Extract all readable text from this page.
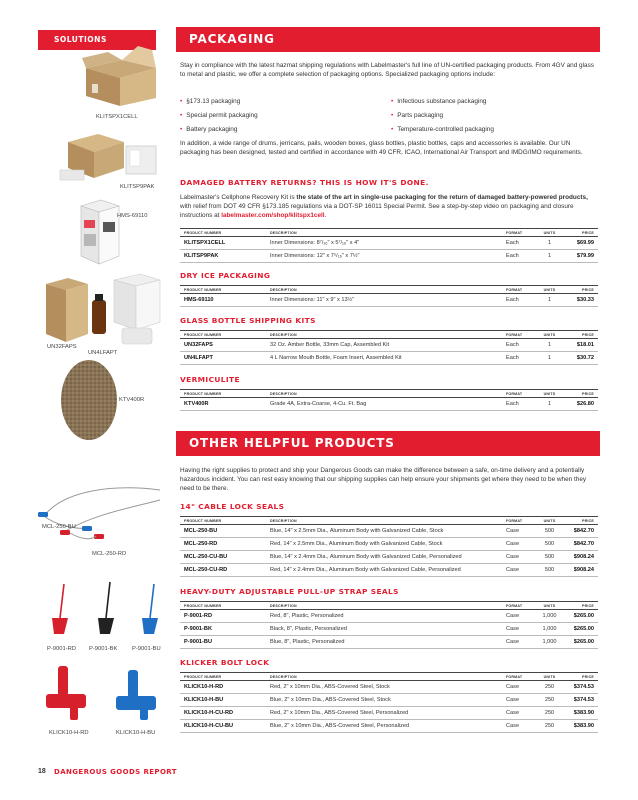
SOLUTIONS	PACKAGING

Stay in compliance with the latest hazmat shipping regulations with Labelmaster's full line of UN-certified packaging products. From 4GV and glass to metal and plastic, we offer a complete selection of packaging options. Specialized packaging options include:

• §173.13 packaging
• Special permit packaging
• Battery packaging
• Infectious substance packaging
• Parts packaging
• Temperature-controlled packaging

In addition, a wide range of drums, jerricans, pails, wooden boxes, glass bottles, plastic bottles, caps and accessories is available. Our UN packaging has been designed, tested and certified in accordance with 49 CFR, ICAO, International Air Transport and IMDG/IMO requirements.

DAMAGED BATTERY RETURNS? THIS IS HOW IT'S DONE.

Labelmaster's Cellphone Recovery Kit is the state of the art in single-use packaging for the return of damaged battery-powered products, with relief from DOT 49 CFR §173.185 regulations via a DOT-SP 16011 Special Permit. See a step-by-step video on packaging and closure instructions at labelmaster.com/shop/klitspx1cell.

PRODUCT NUMBER	DESCRIPTION	FORMAT	UNITS	PRICE
KLITSPX1CELL	Inner Dimensions: 8⁷/₁₆" x 5⁷/₁₆" x 4"	Each	1	$69.99
KLITSP9PAK	Inner Dimensions: 12" x 7⁵/₁₆" x 7½"	Each	1	$79.99
DRY ICE PACKAGING
PRODUCT NUMBER	DESCRIPTION	FORMAT	UNITS	PRICE
HMS-69110	Inner Dimensions: 11" x 9" x 13½"	Each	1	$30.33
GLASS BOTTLE SHIPPING KITS
PRODUCT NUMBER	DESCRIPTION	FORMAT	UNITS	PRICE
UN32FAPS	32 Oz. Amber Bottle, 33mm Cap, Assembled Kit	Each	1	$18.01
UN4LFAPT	4 L Narrow Mouth Bottle, Foam Insert, Assembled Kit	Each	1	$30.72
VERMICULITE
PRODUCT NUMBER	DESCRIPTION	FORMAT	UNITS	PRICE
KTV400R	Grade 4A, Extra-Coarse, 4-Cu. Ft. Bag	Each	1	$26.80
KLITSPX1CELL
KLITSP9PAK
HMS-69110
UN32FAPS
UN4LFAPT
KTV400R
OTHER HELPFUL PRODUCTS

Having the right supplies to protect and ship your Dangerous Goods can make the difference between a safe, on-time delivery and a potentially hazardous incident. You can rest easy knowing that our shipping supplies can help ensure your shipments get where they need to be when they need to be there.

14" CABLE LOCK SEALS
PRODUCT NUMBER	DESCRIPTION	FORMAT	UNITS	PRICE
MCL-250-BU	Blue, 14" x 2.5mm Dia., Aluminum Body with Galvanized Cable, Stock	Case	500	$842.70
MCL-250-RD	Red, 14" x 2.5mm Dia., Aluminum Body with Galvanized Cable, Stock	Case	500	$842.70
MCL-250-CU-BU	Blue, 14" x 2.4mm Dia., Aluminum Body with Galvanized Cable, Personalized	Case	500	$908.24
MCL-250-CU-RD	Red, 14" x 2.4mm Dia., Aluminum Body with Galvanized Cable, Personalized	Case	500	$908.24
HEAVY-DUTY ADJUSTABLE PULL-UP STRAP SEALS
PRODUCT NUMBER	DESCRIPTION	FORMAT	UNITS	PRICE
P-9001-RD	Red, 8", Plastic, Personalized	Case	1,000	$265.00
P-9001-BK	Black, 8", Plastic, Personalized	Case	1,000	$265.00
P-9001-BU	Blue, 8", Plastic, Personalized	Case	1,000	$265.00
KLICKER BOLT LOCK
PRODUCT NUMBER	DESCRIPTION	FORMAT	UNITS	PRICE
KLICK10-H-RD	Red, 2" x 10mm Dia., ABS-Covered Steel, Stock	Case	250	$374.53
KLICK10-H-BU	Blue, 2" x 10mm Dia., ABS-Covered Steel, Stock	Case	250	$374.53
KLICK10-H-CU-RD	Red, 2" x 10mm Dia., ABS-Covered Steel, Personalized	Case	250	$383.90
KLICK10-H-CU-BU	Blue, 2" x 10mm Dia., ABS-Covered Steel, Personalized	Case	250	$383.90
MCL-250-BU
MCL-250-RD
P-9001-RD P-9001-BK	P-9001-BU
KLICK10-H-RD	KLICK10-H-BU
18 DANGEROUS GOODS REPORT
